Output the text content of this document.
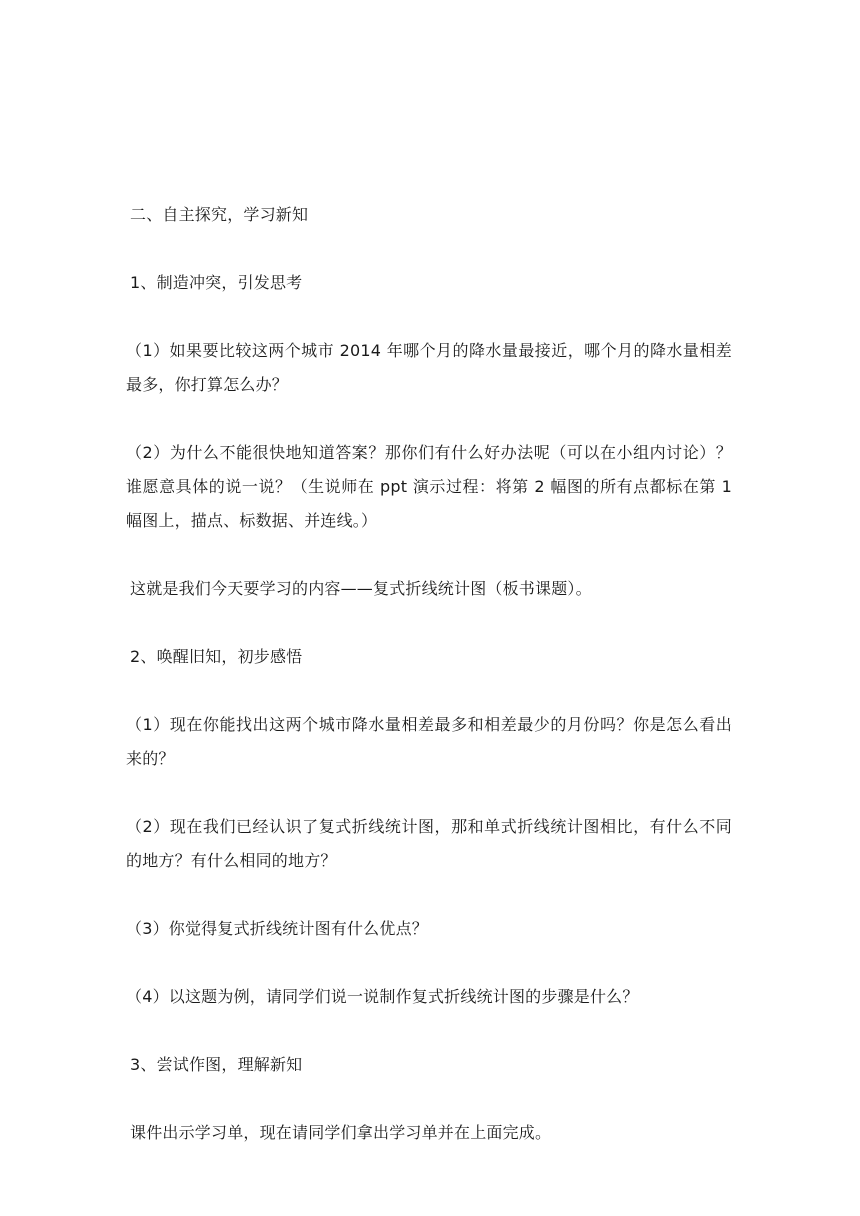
二、自主探究，学习新知

1、制造冲突，引发思考

（1）如果要比较这两个城市 2014 年哪个月的降水量最接近，哪个月的降水量相差最多，你打算怎么办？

（2）为什么不能很快地知道答案？那你们有什么好办法呢（可以在小组内讨论）？谁愿意具体的说一说？（生说师在 ppt 演示过程：将第 2 幅图的所有点都标在第 1 幅图上，描点、标数据、并连线。）

这就是我们今天要学习的内容——复式折线统计图（板书课题）。

2、唤醒旧知，初步感悟

（1）现在你能找出这两个城市降水量相差最多和相差最少的月份吗？你是怎么看出来的？

（2）现在我们已经认识了复式折线统计图，那和单式折线统计图相比，有什么不同的地方？有什么相同的地方？

（3）你觉得复式折线统计图有什么优点？

（4）以这题为例，请同学们说一说制作复式折线统计图的步骤是什么？

3、尝试作图，理解新知

课件出示学习单，现在请同学们拿出学习单并在上面完成。
